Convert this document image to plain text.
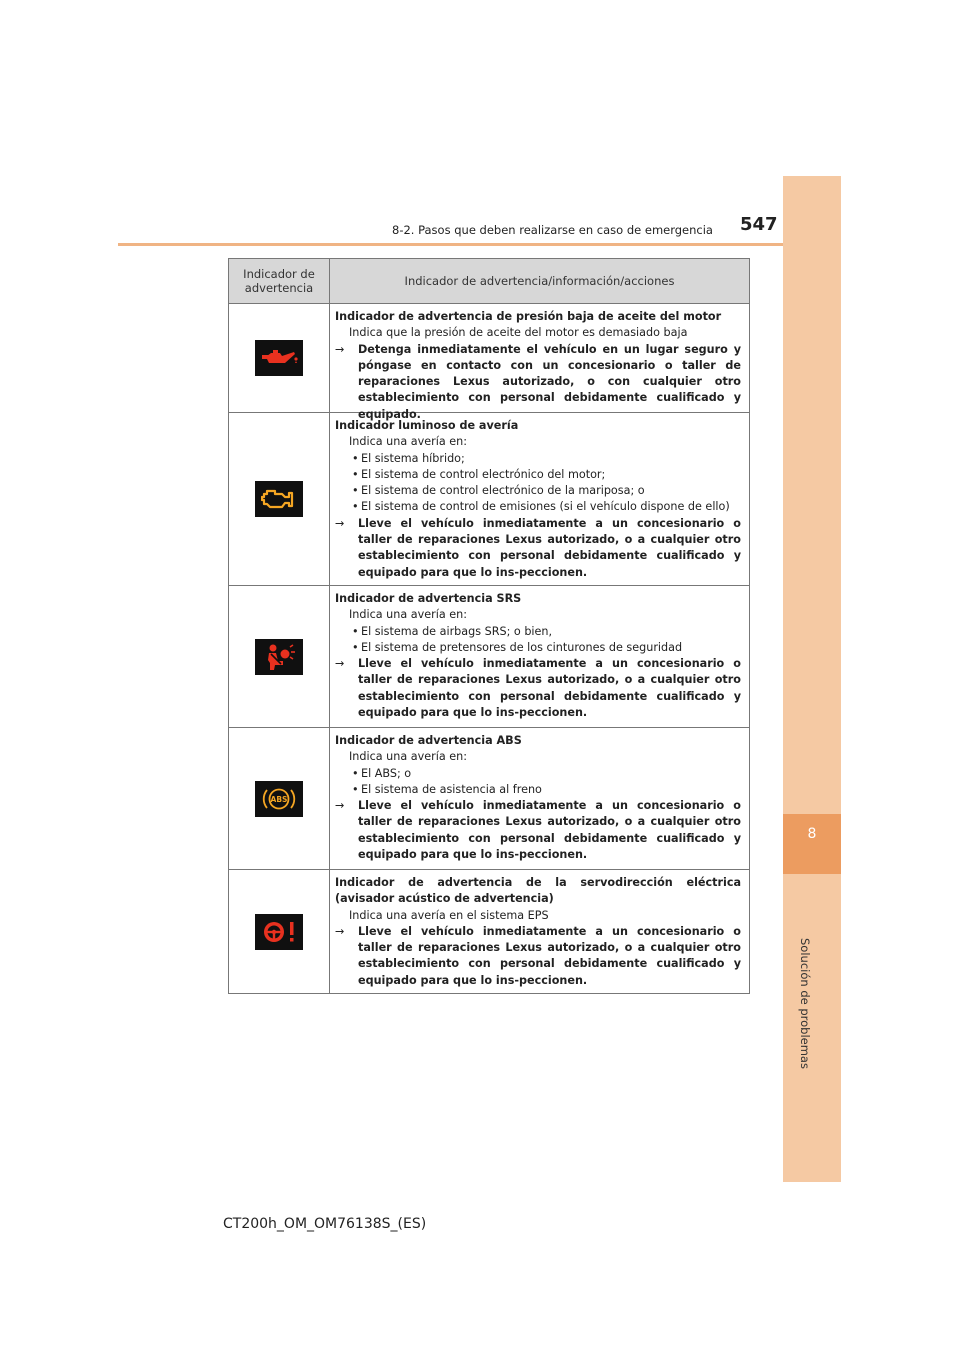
8
Solución de problemas
8-2. Pasos que deben realizarse en caso de emergencia 547
Indicador de advertencia	Indicador de advertencia/información/acciones
Indicador de advertencia de presión baja de aceite del motor
Indica que la presión de aceite del motor es demasiado baja
→ Detenga inmediatamente el vehículo en un lugar seguro y póngase en contacto con un concesionario o taller de reparaciones Lexus autorizado, o con cualquier otro establecimiento con personal debidamente cualificado y equipado.
Indicador luminoso de avería
Indica una avería en:
• El sistema híbrido;
• El sistema de control electrónico del motor;
• El sistema de control electrónico de la mariposa; o
• El sistema de control de emisiones (si el vehículo dispone de ello)
→ Lleve el vehículo inmediatamente a un concesionario o taller de reparaciones Lexus autorizado, o a cualquier otro establecimiento con personal debidamente cualificado y equipado para que lo ins-peccionen.
Indicador de advertencia SRS
Indica una avería en:
• El sistema de airbags SRS; o bien,
• El sistema de pretensores de los cinturones de seguridad
→ Lleve el vehículo inmediatamente a un concesionario o taller de reparaciones Lexus autorizado, o a cualquier otro establecimiento con personal debidamente cualificado y equipado para que lo ins-peccionen.
ABS
Indicador de advertencia ABS
Indica una avería en:
• El ABS; o
• El sistema de asistencia al freno
→ Lleve el vehículo inmediatamente a un concesionario o taller de reparaciones Lexus autorizado, o a cualquier otro establecimiento con personal debidamente cualificado y equipado para que lo ins-peccionen.
Indicador de advertencia de la servodirección eléctrica (avisador acústico de advertencia)
Indica una avería en el sistema EPS
→ Lleve el vehículo inmediatamente a un concesionario o taller de reparaciones Lexus autorizado, o a cualquier otro establecimiento con personal debidamente cualificado y equipado para que lo ins-peccionen.
CT200h_OM_OM76138S_(ES)
